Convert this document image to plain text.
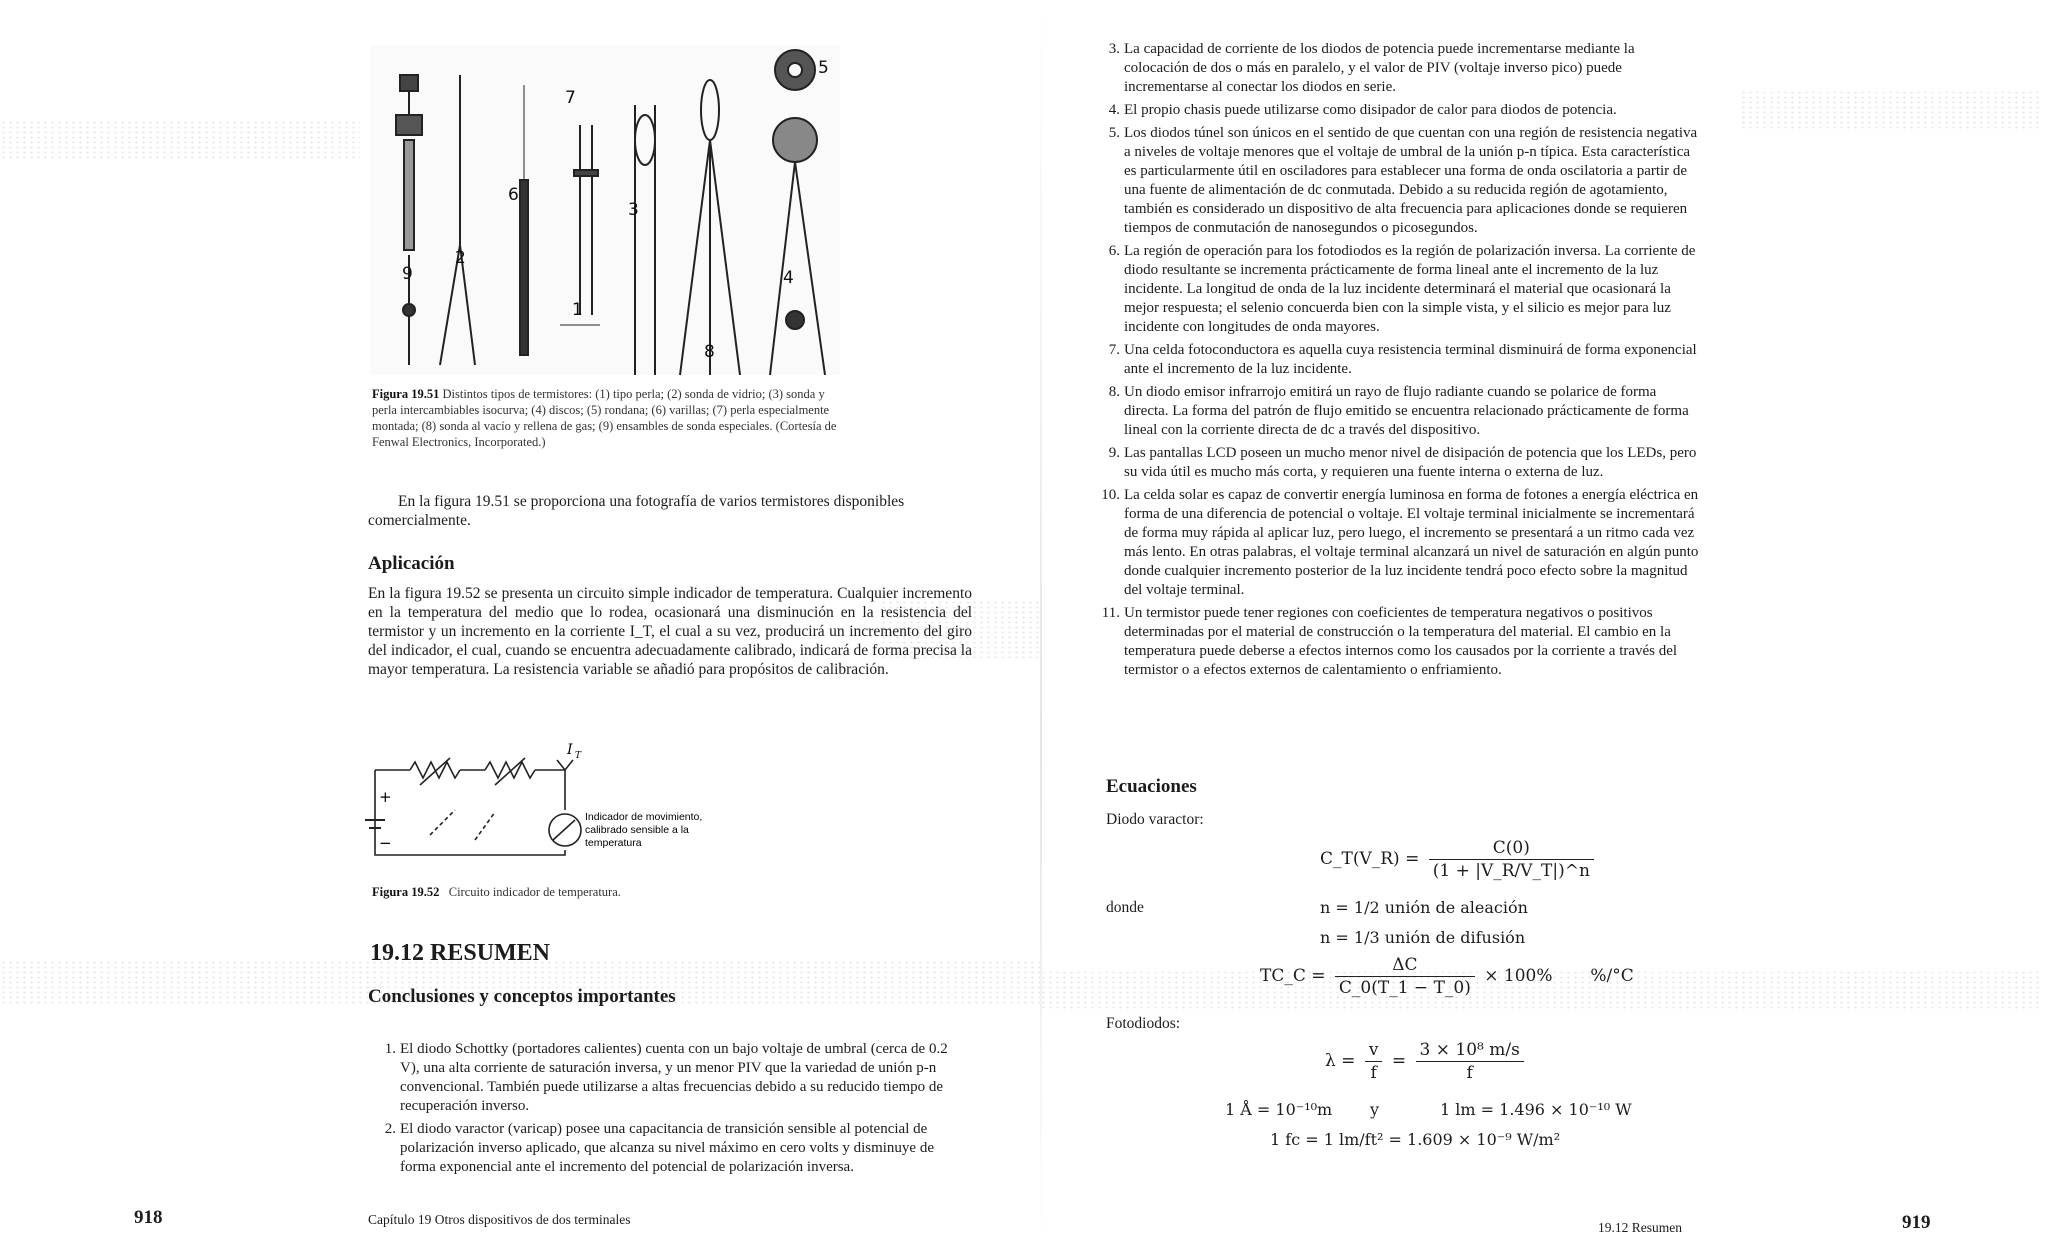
5
7
6
3
9
2
4
1
8
Figura 19.51 Distintos tipos de termistores: (1) tipo perla; (2) sonda de vidrio; (3) sonda y perla intercambiables isocurva; (4) discos; (5) rondana; (6) varillas; (7) perla especialmente montada; (8) sonda al vacío y rellena de gas; (9) ensambles de sonda especiales. (Cortesía de Fenwal Electronics, Incorporated.)
En la figura 19.51 se proporciona una fotografía de varios termistores disponibles comercialmente.
Aplicación
En la figura 19.52 se presenta un circuito simple indicador de temperatura. Cualquier incremento en la temperatura del medio que lo rodea, ocasionará una disminución en la resistencia del termistor y un incremento en la corriente I_T, el cual a su vez, producirá un incremento del giro del indicador, el cual, cuando se encuentra adecuadamente calibrado, indicará de forma precisa la mayor temperatura. La resistencia variable se añadió para propósitos de calibración.
I T
+
−
Indicador de movimiento,
calibrado sensible a la
temperatura
Figura 19.52 Circuito indicador de temperatura.
19.12 RESUMEN
Conclusiones y conceptos importantes
1. El diodo Schottky (portadores calientes) cuenta con un bajo voltaje de umbral (cerca de 0.2 V), una alta corriente de saturación inversa, y un menor PIV que la variedad de unión p-n convencional. También puede utilizarse a altas frecuencias debido a su reducido tiempo de recuperación inverso.
2. El diodo varactor (varicap) posee una capacitancia de transición sensible al potencial de polarización inverso aplicado, que alcanza su nivel máximo en cero volts y disminuye de forma exponencial ante el incremento del potencial de polarización inversa.
918	Capítulo 19 Otros dispositivos de dos terminales
3. La capacidad de corriente de los diodos de potencia puede incrementarse mediante la colocación de dos o más en paralelo, y el valor de PIV (voltaje inverso pico) puede incrementarse al conectar los diodos en serie.
4. El propio chasis puede utilizarse como disipador de calor para diodos de potencia.
5. Los diodos túnel son únicos en el sentido de que cuentan con una región de resistencia negativa a niveles de voltaje menores que el voltaje de umbral de la unión p-n típica. Esta característica es particularmente útil en osciladores para establecer una forma de onda oscilatoria a partir de una fuente de alimentación de dc conmutada. Debido a su reducida región de agotamiento, también es considerado un dispositivo de alta frecuencia para aplicaciones donde se requieren tiempos de conmutación de nanosegundos o picosegundos.
6. La región de operación para los fotodiodos es la región de polarización inversa. La corriente de diodo resultante se incrementa prácticamente de forma lineal ante el incremento de la luz incidente. La longitud de onda de la luz incidente determinará el material que ocasionará la mejor respuesta; el selenio concuerda bien con la simple vista, y el silicio es mejor para luz incidente con longitudes de onda mayores.
7. Una celda fotoconductora es aquella cuya resistencia terminal disminuirá de forma exponencial ante el incremento de la luz incidente.
8. Un diodo emisor infrarrojo emitirá un rayo de flujo radiante cuando se polarice de forma directa. La forma del patrón de flujo emitido se encuentra relacionado prácticamente de forma lineal con la corriente directa de dc a través del dispositivo.
9. Las pantallas LCD poseen un mucho menor nivel de disipación de potencia que los LEDs, pero su vida útil es mucho más corta, y requieren una fuente interna o externa de luz.
10. La celda solar es capaz de convertir energía luminosa en forma de fotones a energía eléctrica en forma de una diferencia de potencial o voltaje. El voltaje terminal inicialmente se incrementará de forma muy rápida al aplicar luz, pero luego, el incremento se presentará a un ritmo cada vez más lento. En otras palabras, el voltaje terminal alcanzará un nivel de saturación en algún punto donde cualquier incremento posterior de la luz incidente tendrá poco efecto sobre la magnitud del voltaje terminal.
11. Un termistor puede tener regiones con coeficientes de temperatura negativos o positivos determinadas por el material de construcción o la temperatura del material. El cambio en la temperatura puede deberse a efectos internos como los causados por la corriente a través del termistor o a efectos externos de calentamiento o enfriamiento.
Ecuaciones
Diodo varactor:
C_T(V_R) = $\frac{C(0)}{(1 + |V\_R/V\_T|)\^{}n}$
donde	n = 1/2 unión de aleación
n = 1/3 unión de difusión
TC_C = $\frac{\Delta C}{C\_0(T\_1 - T\_0)} \times 100\%$ %/°C
Fotodiodos:
$\lambda = \frac{v}{f} = \frac{\text{3 × 10⁸ m/s}}{f}$
1 Å = 10⁻¹⁰m y	1 lm = 1.496 × 10⁻¹⁰ W
1 fc = 1 lm/ft² = 1.609 × 10⁻⁹ W/m²
19.12 Resumen	919
